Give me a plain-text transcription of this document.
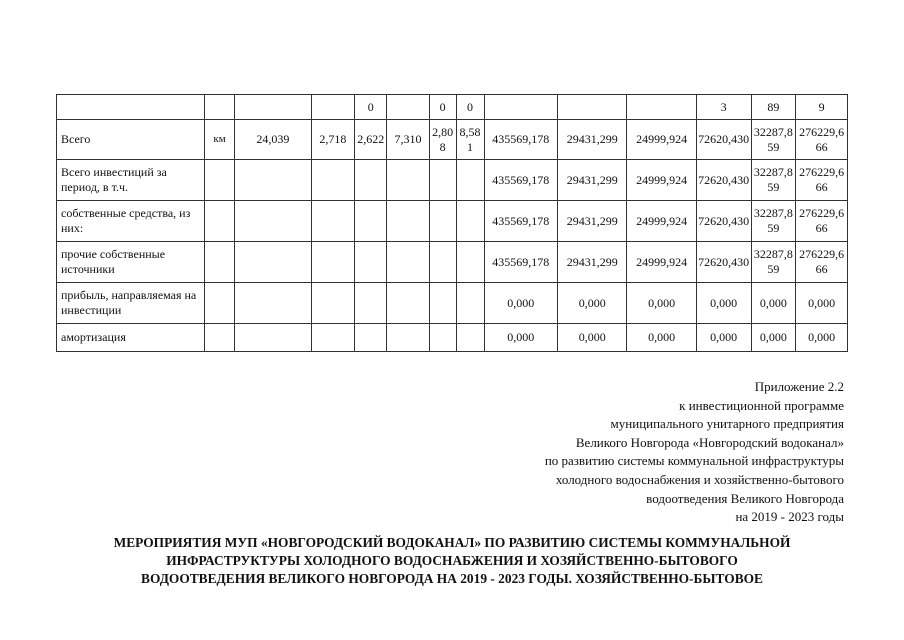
				0		0	0				3	89	9
Всего	км	24,039	2,718	2,622	7,310	2,808	8,581	435569,178	29431,299	24999,924	72620,430	32287,859	276229,666
Всего инвестиций за период, в т.ч.								435569,178	29431,299	24999,924	72620,430	32287,859	276229,666
собственные средства, из них:								435569,178	29431,299	24999,924	72620,430	32287,859	276229,666
прочие собственные источники								435569,178	29431,299	24999,924	72620,430	32287,859	276229,666
прибыль, направляемая на инвестиции								0,000	0,000	0,000	0,000	0,000	0,000
амортизация								0,000	0,000	0,000	0,000	0,000	0,000
Приложение 2.2
к инвестиционной программе
муниципального унитарного предприятия
Великого Новгорода «Новгородский водоканал»
по развитию системы коммунальной инфраструктуры
холодного водоснабжения и хозяйственно-бытового
водоотведения Великого Новгорода
на 2019 - 2023 годы
МЕРОПРИЯТИЯ МУП «НОВГОРОДСКИЙ ВОДОКАНАЛ» ПО РАЗВИТИЮ СИСТЕМЫ КОММУНАЛЬНОЙ
ИНФРАСТРУКТУРЫ ХОЛОДНОГО ВОДОСНАБЖЕНИЯ И ХОЗЯЙСТВЕННО-БЫТОВОГО
ВОДООТВЕДЕНИЯ ВЕЛИКОГО НОВГОРОДА НА 2019 - 2023 ГОДЫ. ХОЗЯЙСТВЕННО-БЫТОВОЕ
